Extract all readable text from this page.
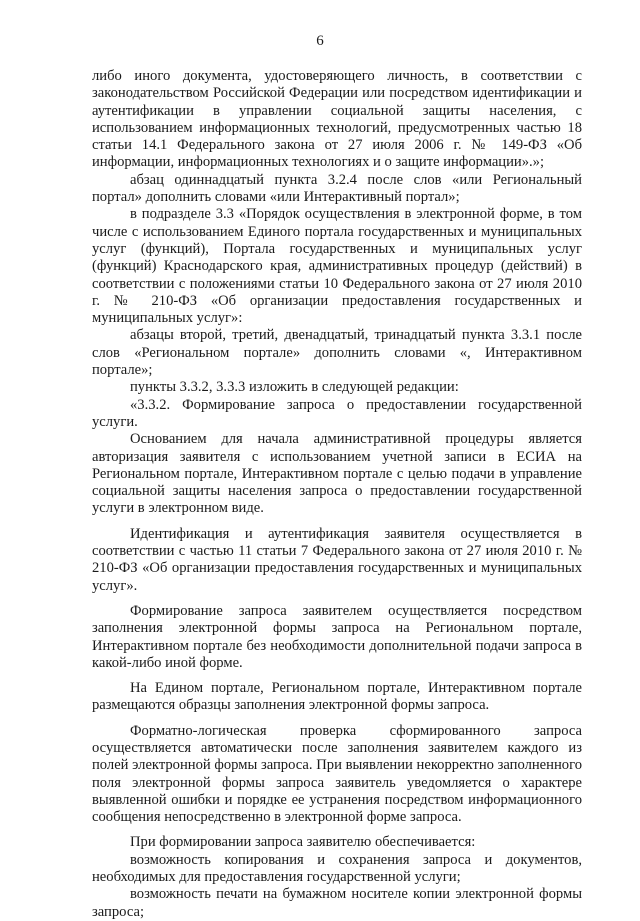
6

либо иного документа, удостоверяющего личность, в соответствии с законодательством Российской Федерации или посредством идентификации и аутентификации в управлении социальной защиты населения, с использованием информационных технологий, предусмотренных частью 18 статьи 14.1 Федерального закона от 27 июля 2006 г. № 149-ФЗ «Об информации, информационных технологиях и о защите информации».»;

абзац одиннадцатый пункта 3.2.4 после слов «или Региональный портал» дополнить словами «или Интерактивный портал»;

в подразделе 3.3 «Порядок осуществления в электронной форме, в том числе с использованием Единого портала государственных и муниципальных услуг (функций), Портала государственных и муниципальных услуг (функций) Краснодарского края, административных процедур (действий) в соответствии с положениями статьи 10 Федерального закона от 27 июля 2010 г. № 210-ФЗ «Об организации предоставления государственных и муниципальных услуг»:

абзацы второй, третий, двенадцатый, тринадцатый пункта 3.3.1 после слов «Региональном портале» дополнить словами «, Интерактивном портале»;

пункты 3.3.2, 3.3.3 изложить в следующей редакции:

«3.3.2. Формирование запроса о предоставлении государственной услуги.

Основанием для начала административной процедуры является авторизация заявителя с использованием учетной записи в ЕСИА на Региональном портале, Интерактивном портале с целью подачи в управление социальной защиты населения запроса о предоставлении государственной услуги в электронном виде.

Идентификация и аутентификация заявителя осуществляется в соответствии с частью 11 статьи 7 Федерального закона от 27 июля 2010 г. № 210-ФЗ «Об организации предоставления государственных и муниципальных услуг».

Формирование запроса заявителем осуществляется посредством заполнения электронной формы запроса на Региональном портале, Интерактивном портале без необходимости дополнительной подачи запроса в какой-либо иной форме.

На Едином портале, Региональном портале, Интерактивном портале размещаются образцы заполнения электронной формы запроса.

Форматно-логическая проверка сформированного запроса осуществляется автоматически после заполнения заявителем каждого из полей электронной формы запроса. При выявлении некорректно заполненного поля электронной формы запроса заявитель уведомляется о характере выявленной ошибки и порядке ее устранения посредством информационного сообщения непосредственно в электронной форме запроса.

При формировании запроса заявителю обеспечивается:

возможность копирования и сохранения запроса и документов, необходимых для предоставления государственной услуги;

возможность печати на бумажном носителе копии электронной формы запроса;
